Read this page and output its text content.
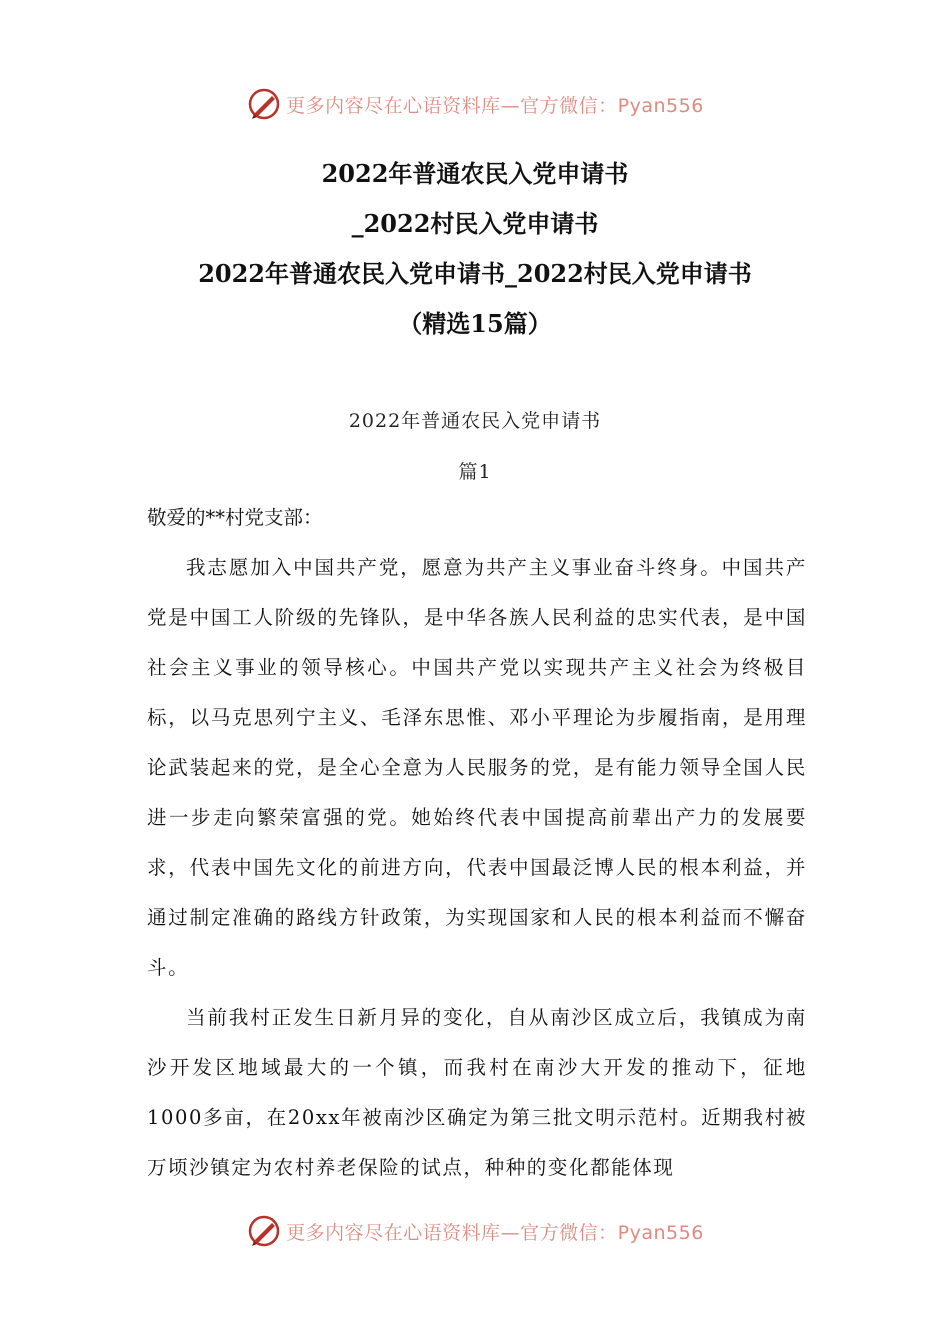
更多内容尽在心语资料库—官方微信：Pyan556
2022年普通农民入党申请书
_2022村民入党申请书
2022年普通农民入党申请书_2022村民入党申请书
（精选15篇）
2022年普通农民入党申请书
篇1
敬爱的**村党支部：

我志愿加入中国共产党，愿意为共产主义事业奋斗终身。中国共产党是中国工人阶级的先锋队，是中华各族人民利益的忠实代表，是中国社会主义事业的领导核心。中国共产党以实现共产主义社会为终极目标，以马克思列宁主义、毛泽东思惟、邓小平理论为步履指南，是用理论武装起来的党，是全心全意为人民服务的党，是有能力领导全国人民进一步走向繁荣富强的党。她始终代表中国提高前辈出产力的发展要求，代表中国先文化的前进方向，代表中国最泛博人民的根本利益，并通过制定准确的路线方针政策，为实现国家和人民的根本利益而不懈奋斗。

当前我村正发生日新月异的变化，自从南沙区成立后，我镇成为南沙开发区地域最大的一个镇，而我村在南沙大开发的推动下，征地1000多亩，在20xx年被南沙区确定为第三批文明示范村。近期我村被万顷沙镇定为农村养老保险的试点，种种的变化都能体现

更多内容尽在心语资料库—官方微信：Pyan556
